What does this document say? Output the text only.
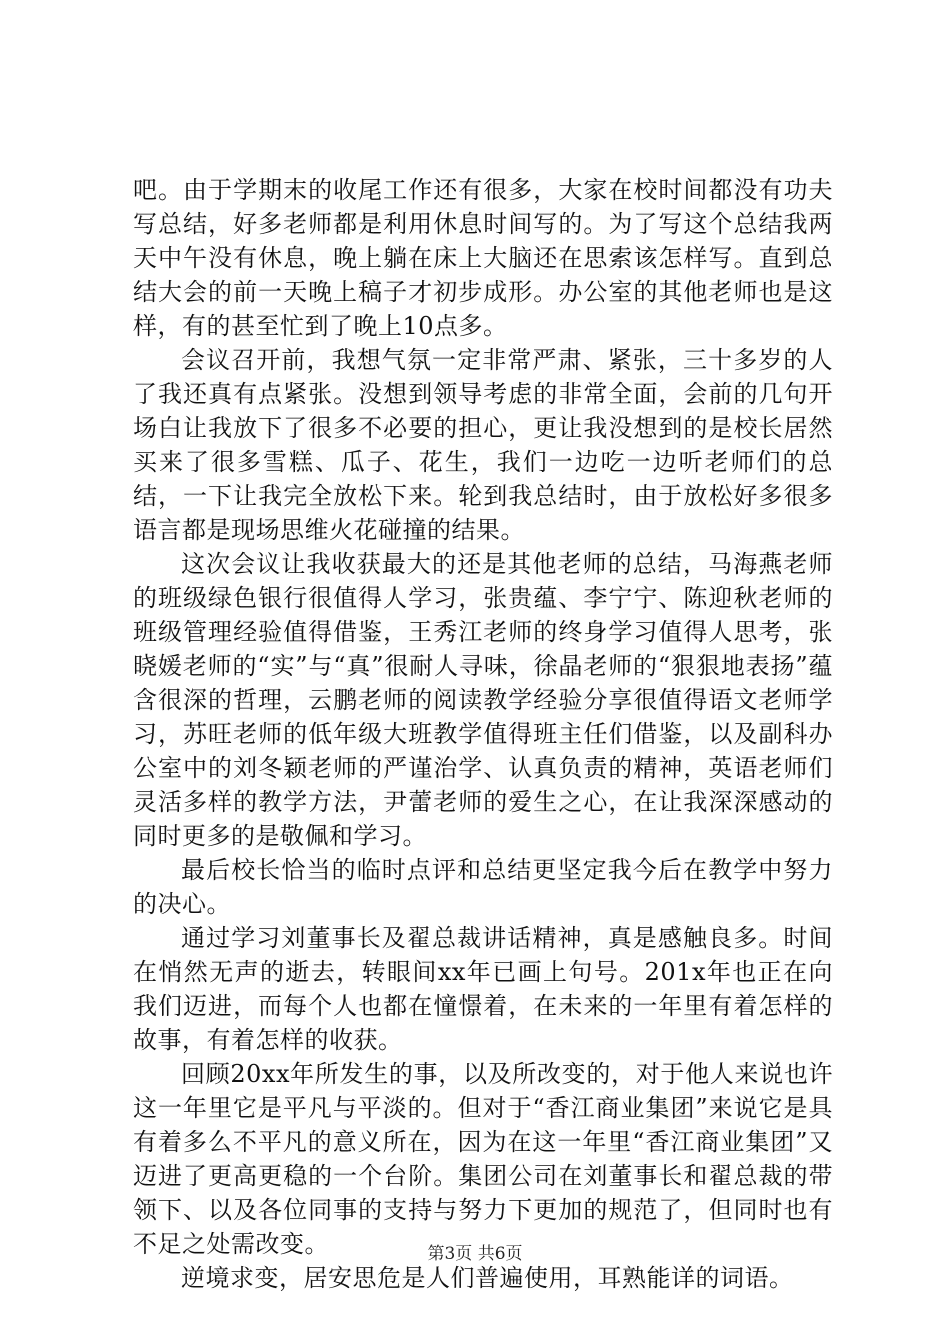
吧。由于学期末的收尾工作还有很多，大家在校时间都没有功夫写总结，好多老师都是利用休息时间写的。为了写这个总结我两天中午没有休息，晚上躺在床上大脑还在思索该怎样写。直到总结大会的前一天晚上稿子才初步成形。办公室的其他老师也是这样，有的甚至忙到了晚上10点多。

会议召开前，我想气氛一定非常严肃、紧张，三十多岁的人了我还真有点紧张。没想到领导考虑的非常全面，会前的几句开场白让我放下了很多不必要的担心，更让我没想到的是校长居然买来了很多雪糕、瓜子、花生，我们一边吃一边听老师们的总结，一下让我完全放松下来。轮到我总结时，由于放松好多很多语言都是现场思维火花碰撞的结果。

这次会议让我收获最大的还是其他老师的总结，马海燕老师的班级绿色银行很值得人学习，张贵蕴、李宁宁、陈迎秋老师的班级管理经验值得借鉴，王秀江老师的终身学习值得人思考，张晓媛老师的“实”与“真”很耐人寻味，徐晶老师的“狠狠地表扬”蕴含很深的哲理，云鹏老师的阅读教学经验分享很值得语文老师学习，苏旺老师的低年级大班教学值得班主任们借鉴，以及副科办公室中的刘冬颖老师的严谨治学、认真负责的精神，英语老师们灵活多样的教学方法，尹蕾老师的爱生之心，在让我深深感动的同时更多的是敬佩和学习。

最后校长恰当的临时点评和总结更坚定我今后在教学中努力的决心。

通过学习刘董事长及翟总裁讲话精神，真是感触良多。时间在悄然无声的逝去，转眼间xx年已画上句号。201x年也正在向我们迈进，而每个人也都在憧憬着，在未来的一年里有着怎样的故事，有着怎样的收获。

回顾20xx年所发生的事，以及所改变的，对于他人来说也许这一年里它是平凡与平淡的。但对于“香江商业集团”来说它是具有着多么不平凡的意义所在，因为在这一年里“香江商业集团”又迈进了更高更稳的一个台阶。集团公司在刘董事长和翟总裁的带领下、以及各位同事的支持与努力下更加的规范了，但同时也有不足之处需改变。

逆境求变，居安思危是人们普遍使用，耳熟能详的词语。

第3页 共6页
